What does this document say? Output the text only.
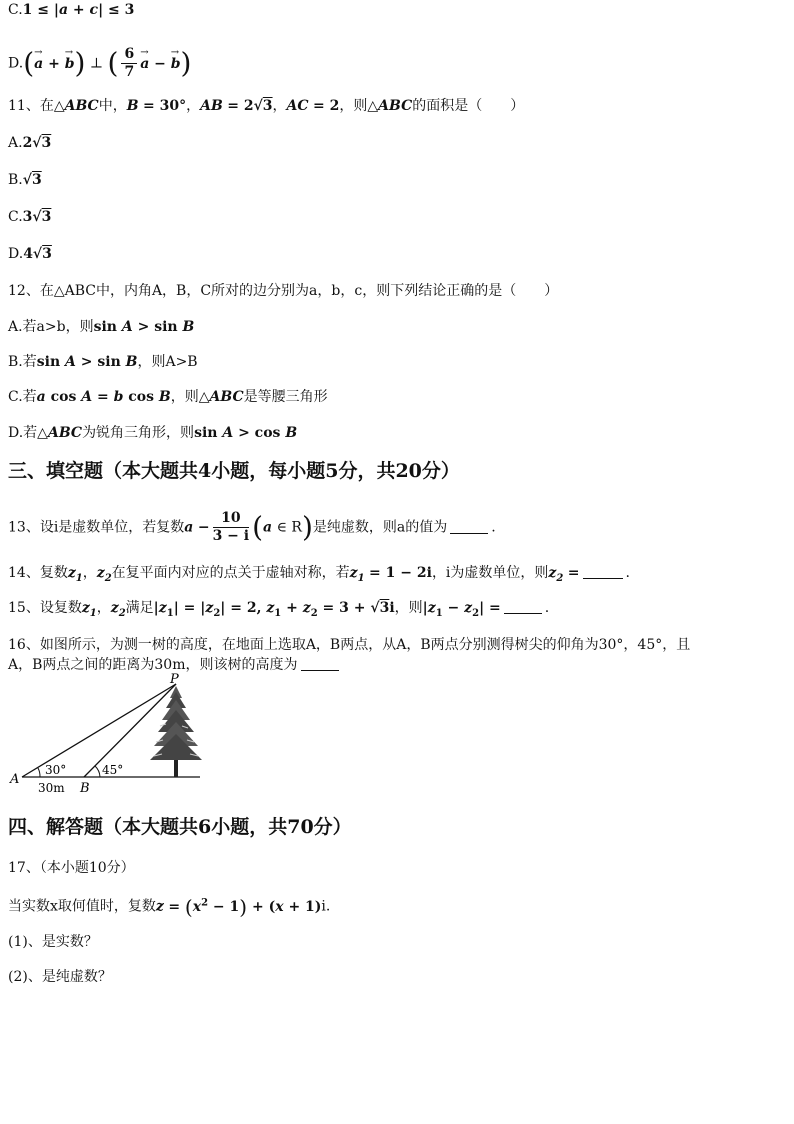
C.1 ≤ |→ a + → c| ≤ 3
D.(→ a + → b) ⊥ ( $\frac{6}{7} \to a$ − → b)
11、在△ABC中，B = 30°，AB = 2√3，AC = 2，则△ABC的面积是（　　）
A.2√3
B.√3
C.3√3
D.4√3
12、在△ABC中，内角A，B，C所对的边分别为a，b，c，则下列结论正确的是（　　）
A.若a>b，则sin A > sin B
B.若sin A > sin B，则A>B
C.若a cos A = b cos B，则△ABC是等腰三角形
D.若△ABC为锐角三角形，则sin A > cos B
三、填空题（本大题共4小题，每小题5分，共20分）
13、设i是虚数单位，若复数$a - \frac{10}{3 - i} (a$ ∈ R)是纯虚数，则a的值为	.
14、复数$z_1$，$z_2$在复平面内对应的点关于虚轴对称，若$z_1 = 1 - 2i$，i为虚数单位，则$z_2$ =	.
15、设复数$z_1$，$z_2$满足$|z_1| = |z_2| = 2$, $z_1 + z_2 = 3 + √3i$，则$|z_1 - z_2|$ =	.
16、如图所示，为测一树的高度，在地面上选取A，B两点，从A，B两点分别测得树尖的仰角为30°，45°，且
A，B两点之间的距离为30m，则该树的高度为
P
A
B
30°	45°
30m
四、解答题（本大题共6小题，共70分）
17、（本小题10分）
当实数x取何值时，复数$z = (x^2 - 1) + (x + 1)i$.
(1)、是实数？
(2)、是纯虚数？
